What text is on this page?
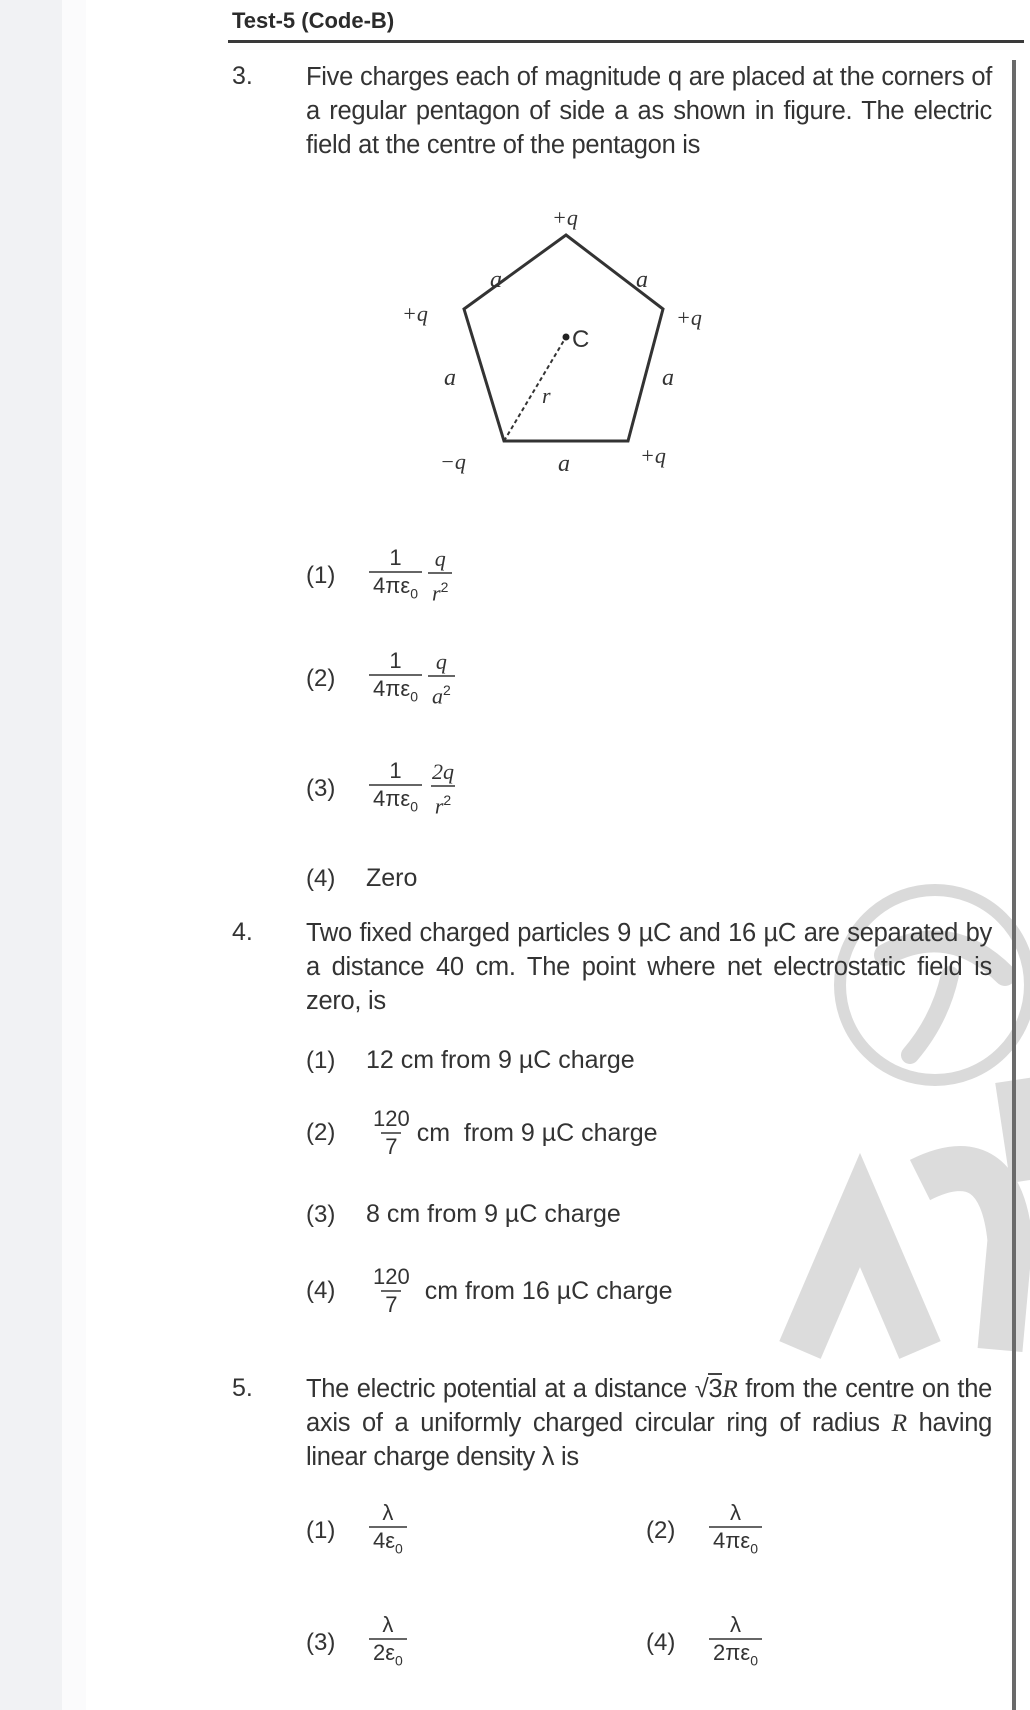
Test-5 (Code-B)
3. Five charges each of magnitude q are placed at the corners of a regular pentagon of side a as shown in figure. The electric field at the centre of the pentagon is
C
r
+q
+q
+q
−q
+q
a	a
a
a
a
(1)	$\frac{1}{4\pi\varepsilon_0} \frac{q}{r^2}$
(2)	$\frac{1}{4\pi\varepsilon_0} \frac{q}{a^2}$
(3)	$\frac{1}{4\pi\varepsilon_0} \frac{2q}{r^2}$
(4)	Zero
4. Two fixed charged particles 9 µC and 16 µC are separated by a distance 40 cm. The point where net electrostatic field is zero, is
(1)	12 cm from 9 µC charge
(2)	$\frac{120}{7}$ cm  from 9 µC charge
(3)	8 cm from 9 µC charge
(4)	$\frac{120}{7}$ cm from 16 µC charge
5. The electric potential at a distance √3R from the centre on the axis of a uniformly charged circular ring of radius R having linear charge density λ is
(1)	$\frac{\lambda}{4\varepsilon_0}$	(2)	$\frac{\lambda}{4\pi\varepsilon_0}$
(3)	$\frac{\lambda}{2\varepsilon_0}$	(4)	$\frac{\lambda}{2\pi\varepsilon_0}$
